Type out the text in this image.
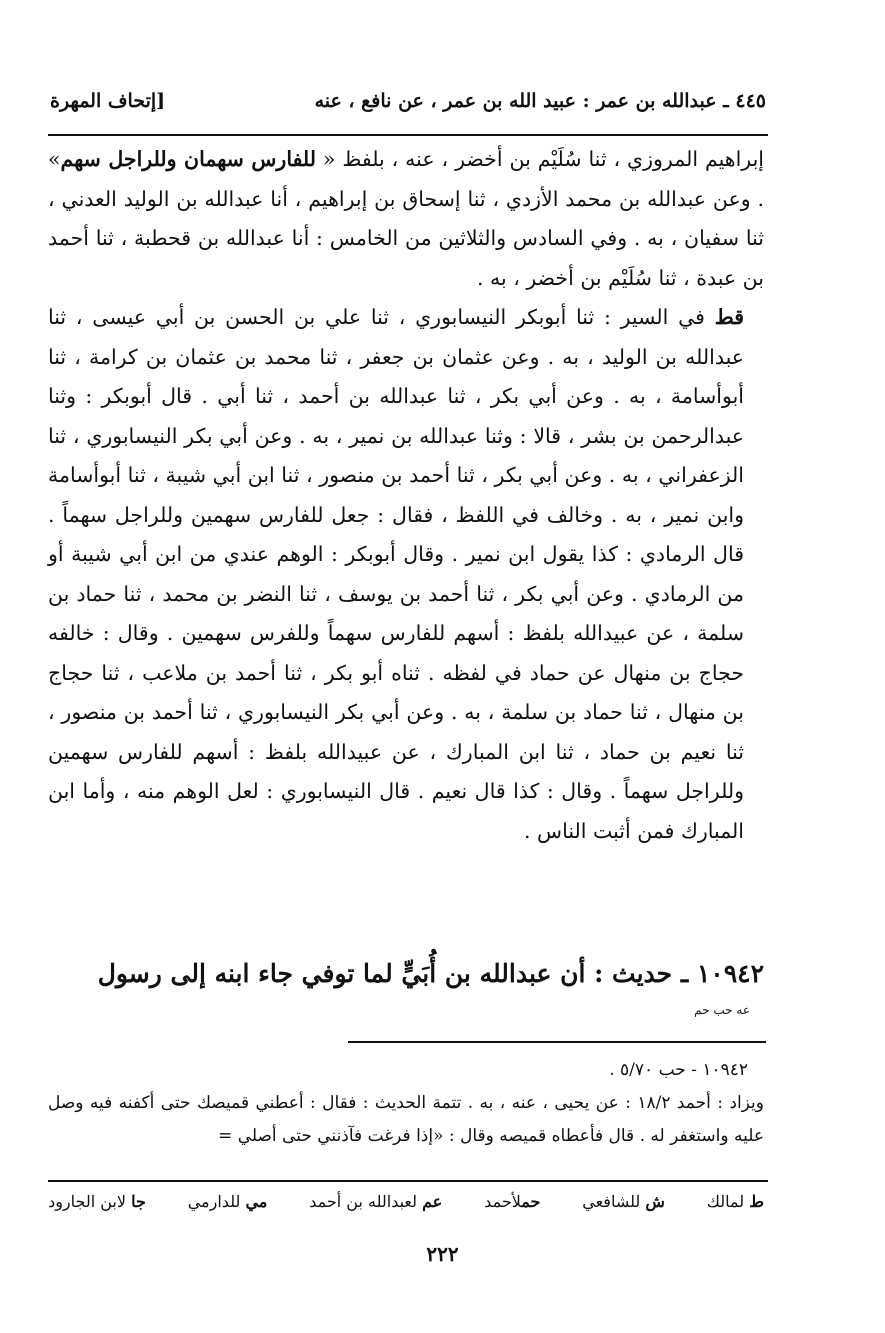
٤٤٥ ـ عبدالله بن عمر : عبيد الله بن عمر ، عن نافع ، عنه
[إتحاف المهرة

إبراهيم المروزي ، ثنا سُلَيْم بن أخضر ، عنه ، بلفظ « للفارس سهمان وللراجل سهم» . وعن عبدالله بن محمد الأزدي ، ثنا إسحاق بن إبراهيم ، أنا عبدالله بن الوليد العدني ، ثنا سفيان ، به . وفي السادس والثلاثين من الخامس : أنا عبدالله بن قحطبة ، ثنا أحمد بن عبدة ، ثنا سُلَيْم بن أخضر ، به .

قط في السير : ثنا أبوبكر النيسابوري ، ثنا علي بن الحسن بن أبي عيسى ، ثنا عبدالله بن الوليد ، به . وعن عثمان بن جعفر ، ثنا محمد بن عثمان بن كرامة ، ثنا أبوأسامة ، به . وعن أبي بكر ، ثنا عبدالله بن أحمد ، ثنا أبي . قال أبوبكر : وثنا عبدالرحمن بن بشر ، قالا : وثنا عبدالله بن نمير ، به . وعن أبي بكر النيسابوري ، ثنا الزعفراني ، به . وعن أبي بكر ، ثنا أحمد بن منصور ، ثنا ابن أبي شيبة ، ثنا أبوأسامة وابن نمير ، به . وخالف في اللفظ ، فقال : جعل للفارس سهمين وللراجل سهماً . قال الرمادي : كذا يقول ابن نمير . وقال أبوبكر : الوهم عندي من ابن أبي شيبة أو من الرمادي . وعن أبي بكر ، ثنا أحمد بن يوسف ، ثنا النضر بن محمد ، ثنا حماد بن سلمة ، عن عبيدالله بلفظ : أسهم للفارس سهماً وللفرس سهمين . وقال : خالفه حجاج بن منهال عن حماد في لفظه . ثناه أبو بكر ، ثنا أحمد بن ملاعب ، ثنا حجاج بن منهال ، ثنا حماد بن سلمة ، به . وعن أبي بكر النيسابوري ، ثنا أحمد بن منصور ، ثنا نعيم بن حماد ، ثنا ابن المبارك ، عن عبيدالله بلفظ : أسهم للفارس سهمين وللراجل سهماً . وقال : كذا قال نعيم . قال النيسابوري : لعل الوهم منه ، وأما ابن المبارك فمن أثبت الناس .

١٠٩٤٢ ـ حديث : أن عبدالله بن أُبَيٍّ لما توفي جاء ابنه إلى رسول
عه حب حم

١٠٩٤٢ - حب ٥/٧٠ .

ويزاد : أحمد ١٨/٢ : عن يحيى ، عنه ، به . تتمة الحديث : فقال : أعطني قميصك حتى أكفنه فيه وصل عليه واستغفر له . قال فأعطاه قميصه وقال : «إذا فرغت فآذنني حتى أصلي =

ط لمالك
ش للشافعي
حملأحمد
عم لعبدالله بن أحمد
مي للدارمي
جا لابن الجارود
٢٢٢
